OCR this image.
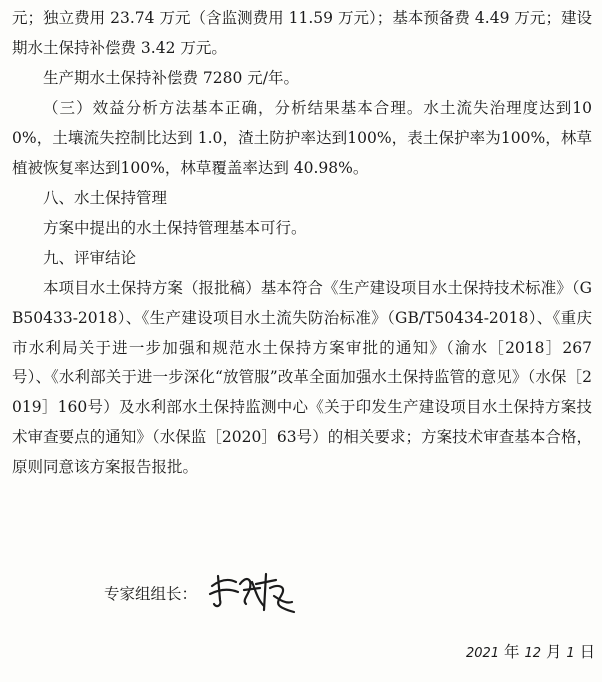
元；独立费用 23.74 万元（含监测费用 11.59 万元）；基本预备费 4.49 万元；建设期水土保持补偿费 3.42 万元。

生产期水土保持补偿费 7280 元/年。

（三）效益分析方法基本正确，分析结果基本合理。水土流失治理度达到100%，土壤流失控制比达到 1.0，渣土防护率达到100%，表土保护率为100%，林草植被恢复率达到100%，林草覆盖率达到 40.98%。

八、水土保持管理

方案中提出的水土保持管理基本可行。

九、评审结论

本项目水土保持方案（报批稿）基本符合《生产建设项目水土保持技术标准》（GB50433-2018）、《生产建设项目水土流失防治标准》（GB/T50434-2018）、《重庆市水利局关于进一步加强和规范水土保持方案审批的通知》（渝水［2018］267号）、《水利部关于进一步深化“放管服”改革全面加强水土保持监管的意见》（水保［2019］160号）及水利部水土保持监测中心《关于印发生产建设项目水土保持方案技术审查要点的通知》（水保监［2020］63号）的相关要求；方案技术审查基本合格，原则同意该方案报告报批。

专家组组长：
2021 年 12 月 1 日
